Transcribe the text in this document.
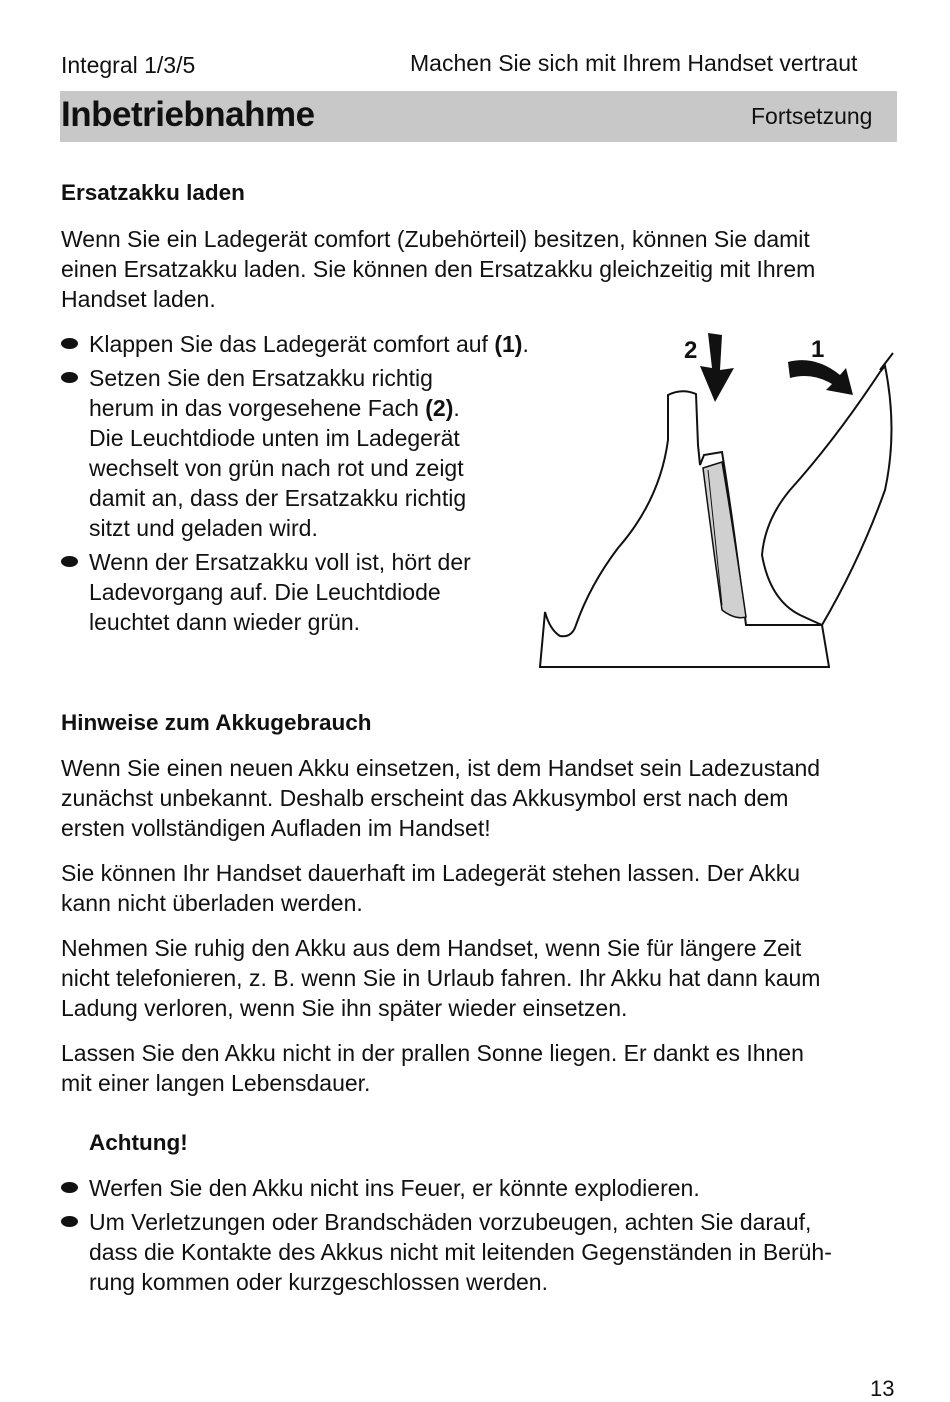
Integral 1/3/5	Machen Sie sich mit Ihrem Handset vertraut
Inbetriebnahme	Fortsetzung
Ersatzakku laden

Wenn Sie ein Ladegerät comfort (Zubehörteil) besitzen, können Sie damit

einen Ersatzakku laden. Sie können den Ersatzakku gleichzeitig mit Ihrem

Handset laden.

Klappen Sie das Ladegerät comfort auf (1).
Setzen Sie den Ersatzakku richtig
herum in das vorgesehene Fach (2).
Die Leuchtdiode unten im Ladegerät
wechselt von grün nach rot und zeigt
damit an, dass der Ersatzakku richtig
sitzt und geladen wird.
Wenn der Ersatzakku voll ist, hört der
Ladevorgang auf. Die Leuchtdiode
leuchtet dann wieder grün.
2	1
Hinweise zum Akkugebrauch

Wenn Sie einen neuen Akku einsetzen, ist dem Handset sein Ladezustand

zunächst unbekannt. Deshalb erscheint das Akkusymbol erst nach dem

ersten vollständigen Aufladen im Handset!

Sie können Ihr Handset dauerhaft im Ladegerät stehen lassen. Der Akku

kann nicht überladen werden.

Nehmen Sie ruhig den Akku aus dem Handset, wenn Sie für längere Zeit

nicht telefonieren, z. B. wenn Sie in Urlaub fahren. Ihr Akku hat dann kaum

Ladung verloren, wenn Sie ihn später wieder einsetzen.

Lassen Sie den Akku nicht in der prallen Sonne liegen. Er dankt es Ihnen

mit einer langen Lebensdauer.

Achtung!
Werfen Sie den Akku nicht ins Feuer, er könnte explodieren.
Um Verletzungen oder Brandschäden vorzubeugen, achten Sie darauf,
dass die Kontakte des Akkus nicht mit leitenden Gegenständen in Berüh-
rung kommen oder kurzgeschlossen werden.
13
